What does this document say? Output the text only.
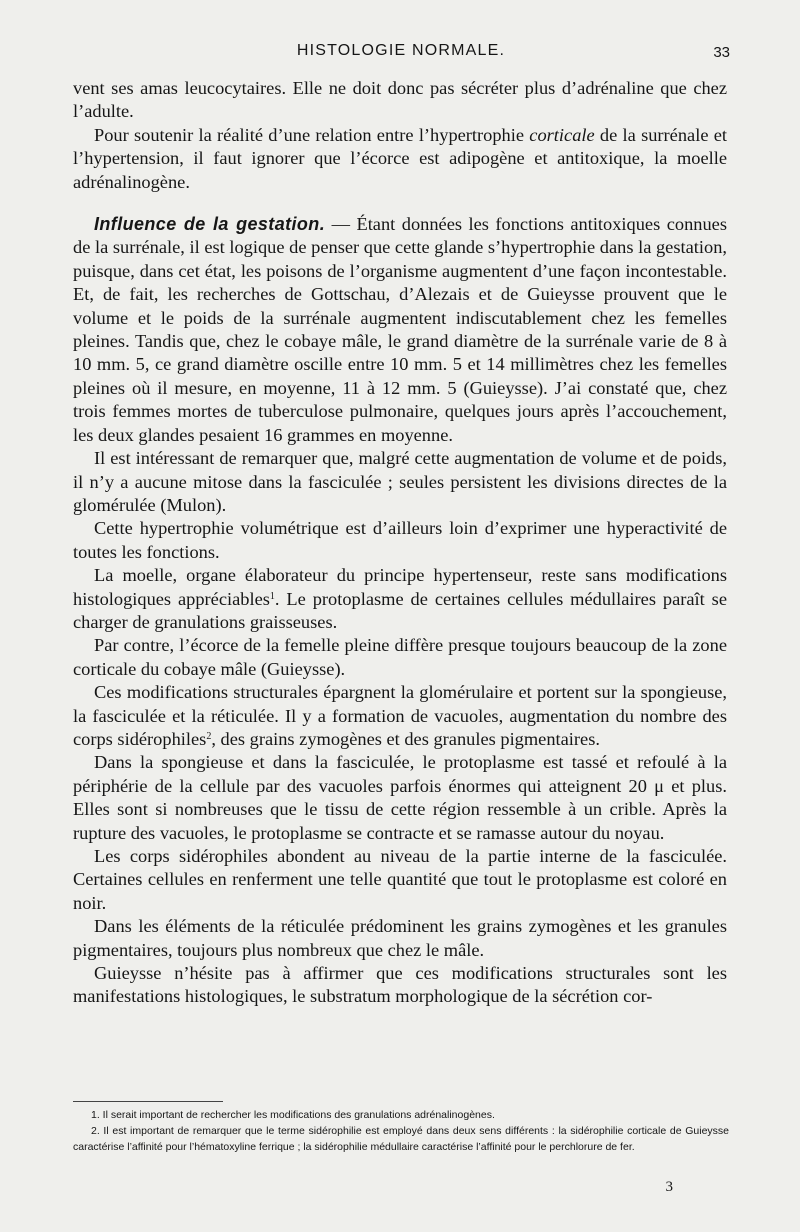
HISTOLOGIE NORMALE.	33

vent ses amas leucocytaires. Elle ne doit donc pas sécréter plus d’adrénaline que chez l’adulte.

Pour soutenir la réalité d’une relation entre l’hypertrophie corticale de la surrénale et l’hypertension, il faut ignorer que l’écorce est adipogène et antitoxique, la moelle adrénalinogène.

Influence de la gestation. — Étant données les fonctions antitoxiques connues de la surrénale, il est logique de penser que cette glande s’hypertrophie dans la gestation, puisque, dans cet état, les poisons de l’organisme augmentent d’une façon incontestable. Et, de fait, les recherches de Gottschau, d’Alezais et de Guieysse prouvent que le volume et le poids de la surrénale augmentent indiscutablement chez les femelles pleines. Tandis que, chez le cobaye mâle, le grand diamètre de la surrénale varie de 8 à 10 mm. 5, ce grand diamètre oscille entre 10 mm. 5 et 14 millimètres chez les femelles pleines où il mesure, en moyenne, 11 à 12 mm. 5 (Guieysse). J’ai constaté que, chez trois femmes mortes de tuberculose pulmonaire, quelques jours après l’accouchement, les deux glandes pesaient 16 grammes en moyenne.

Il est intéressant de remarquer que, malgré cette augmentation de volume et de poids, il n’y a aucune mitose dans la fasciculée ; seules persistent les divisions directes de la glomérulée (Mulon).

Cette hypertrophie volumétrique est d’ailleurs loin d’exprimer une hyperactivité de toutes les fonctions.

La moelle, organe élaborateur du principe hypertenseur, reste sans modifications histologiques appréciables$^1$. Le protoplasme de certaines cellules médullaires paraît se charger de granulations graisseuses.

Par contre, l’écorce de la femelle pleine diffère presque toujours beaucoup de la zone corticale du cobaye mâle (Guieysse).

Ces modifications structurales épargnent la glomérulaire et portent sur la spongieuse, la fasciculée et la réticulée. Il y a formation de vacuoles, augmentation du nombre des corps sidérophiles$^2$, des grains zymogènes et des granules pigmentaires.

Dans la spongieuse et dans la fasciculée, le protoplasme est tassé et refoulé à la périphérie de la cellule par des vacuoles parfois énormes qui atteignent 20 μ et plus. Elles sont si nombreuses que le tissu de cette région ressemble à un crible. Après la rupture des vacuoles, le protoplasme se contracte et se ramasse autour du noyau.

Les corps sidérophiles abondent au niveau de la partie interne de la fasciculée. Certaines cellules en renferment une telle quantité que tout le protoplasme est coloré en noir.

Dans les éléments de la réticulée prédominent les grains zymogènes et les granules pigmentaires, toujours plus nombreux que chez le mâle.

Guieysse n’hésite pas à affirmer que ces modifications structurales sont les manifestations histologiques, le substratum morphologique de la sécrétion cor-

1. Il serait important de rechercher les modifications des granulations adrénalinogènes.

2. Il est important de remarquer que le terme sidérophilie est employé dans deux sens différents : la sidérophilie corticale de Guieysse caractérise l’affinité pour l’hématoxyline ferrique ; la sidérophilie médullaire caractérise l’affinité pour le perchlorure de fer.

3
